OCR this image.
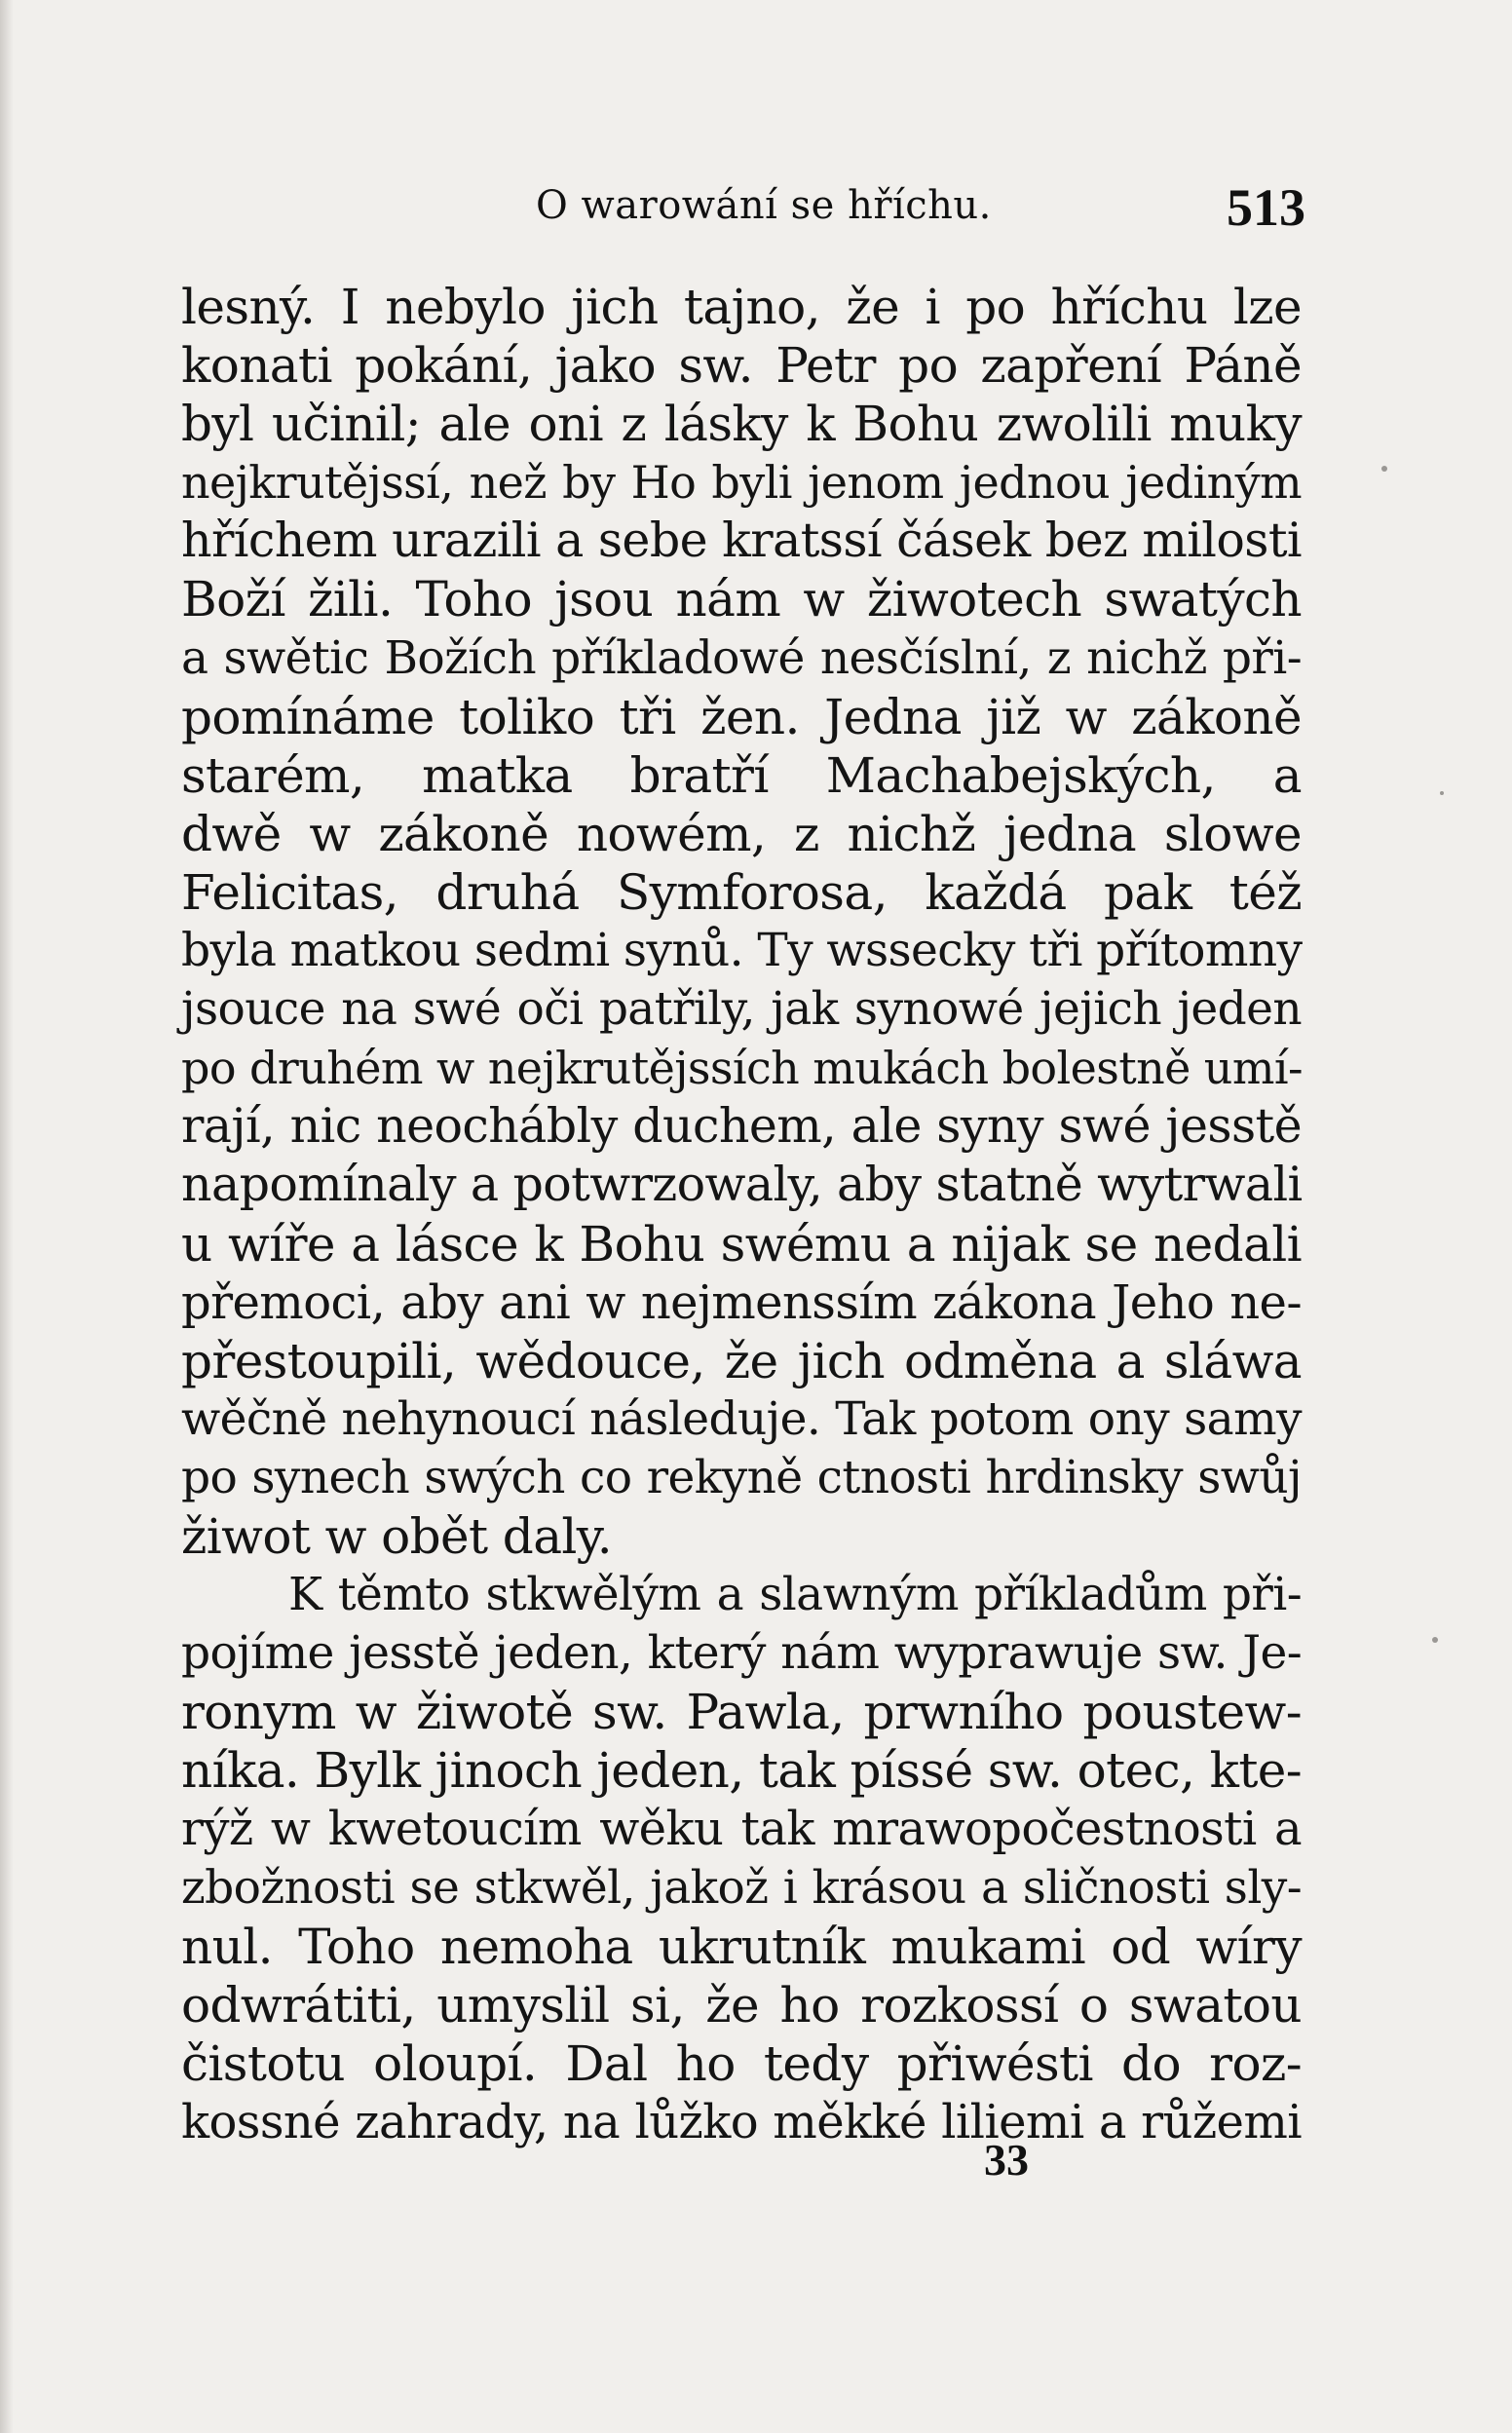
O warowání se hříchu.	513
lesný. I nebylo jich tajno, že i po hříchu lze
konati pokání, jako sw. Petr po zapření Páně
byl učinil; ale oni z lásky k Bohu zwolili muky
nejkrutějssí, než by Ho byli jenom jednou jediným
hříchem urazili a sebe kratssí čásek bez milosti
Boží žili. Toho jsou nám w žiwotech swatých
a swětic Božích příkladowé nesčíslní, z nichž při-
pomínáme toliko tři žen. Jedna již w zákoně
starém, matka bratří Machabejských, a
dwě w zákoně nowém, z nichž jedna slowe
Felicitas, druhá Symforosa, každá pak též
byla matkou sedmi synů. Ty wssecky tři přítomny
jsouce na swé oči patřily, jak synowé jejich jeden
po druhém w nejkrutějssích mukách bolestně umí-
rají, nic neochábly duchem, ale syny swé jesstě
napomínaly a potwrzowaly, aby statně wytrwali
u wíře a lásce k Bohu swému a nijak se nedali
přemoci, aby ani w nejmenssím zákona Jeho ne-
přestoupili, wědouce, že jich odměna a sláwa
wěčně nehynoucí následuje. Tak potom ony samy
po synech swých co rekyně ctnosti hrdinsky swůj
žiwot w obět daly.
K těmto stkwělým a slawným příkladům při-
pojíme jesstě jeden, který nám wyprawuje sw. Je-
ronym w žiwotě sw. Pawla, prwního poustew-
níka. Bylk jinoch jeden, tak píssé sw. otec, kte-
rýž w kwetoucím wěku tak mrawopočestnosti a
zbožnosti se stkwěl, jakož i krásou a sličnosti sly-
nul. Toho nemoha ukrutník mukami od wíry
odwrátiti, umyslil si, že ho rozkossí o swatou
čistotu oloupí. Dal ho tedy přiwésti do roz-
kossné zahrady, na lůžko měkké liliemi a růžemi
33
